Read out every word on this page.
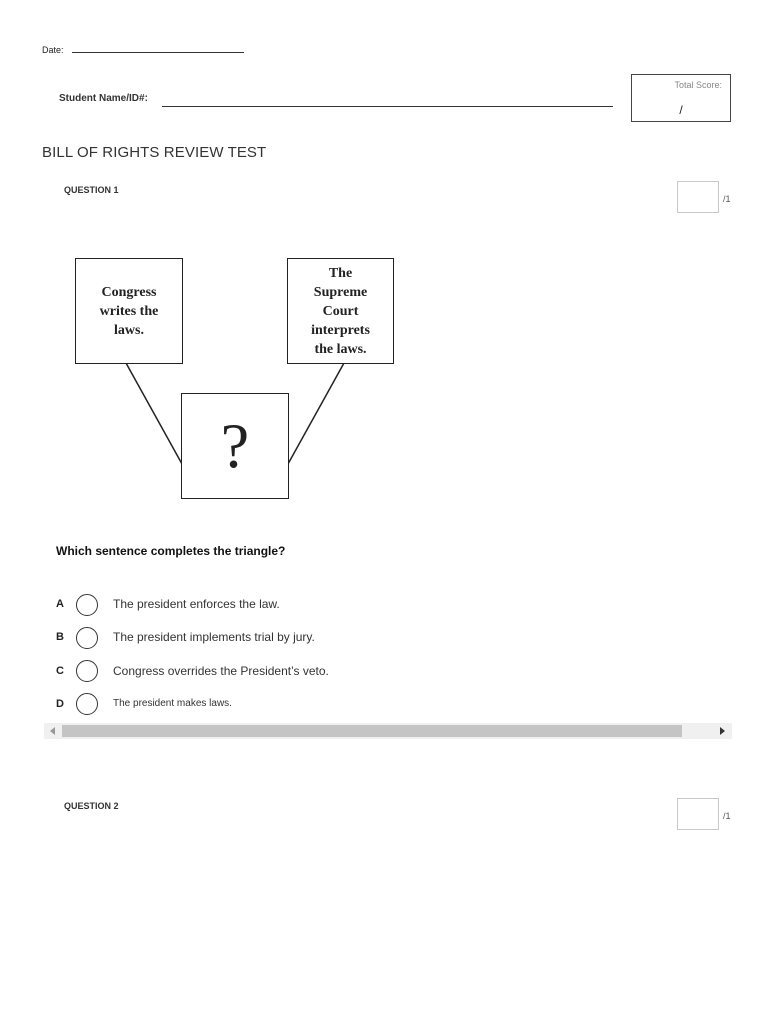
Date:
Student Name/ID#:
Total Score:
/
BILL OF RIGHTS REVIEW TEST
QUESTION 1
/1
Congress
writes the
laws.
The
Supreme
Court
interprets
the laws.
?
Which sentence completes the triangle?
A	The president enforces the law.
B	The president implements trial by jury.
C	Congress overrides the President’s veto.
D	The president makes laws.
QUESTION 2
/1
